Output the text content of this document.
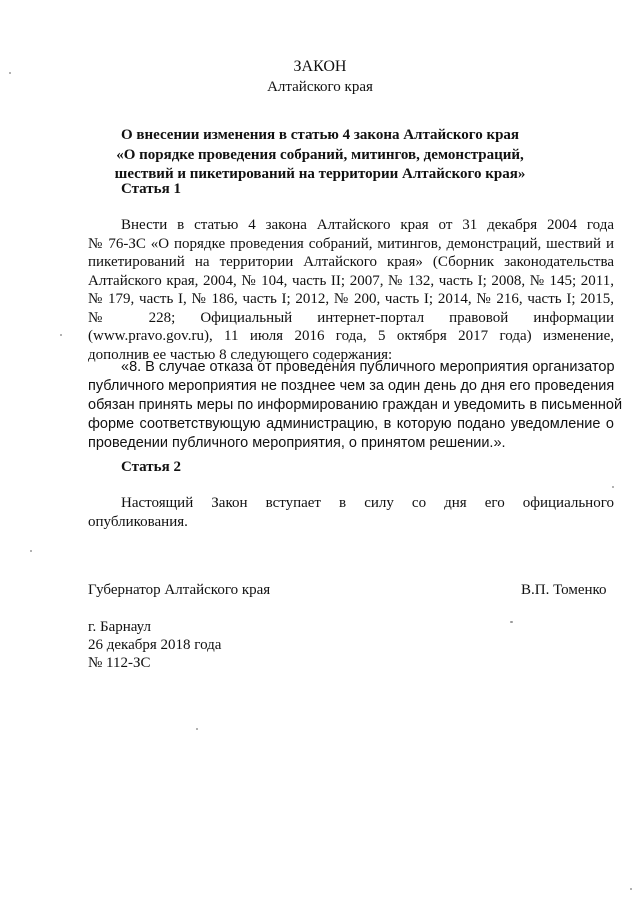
ЗАКОН
Алтайского края
О внесении изменения в статью 4 закона Алтайского края
«О порядке проведения собраний, митингов, демонстраций,
шествий и пикетирований на территории Алтайского края»
Статья 1
Внести в статью 4 закона Алтайского края от 31 декабря 2004 года
№ 76-ЗС «О порядке проведения собраний, митингов, демонстраций, шествий и
пикетирований на территории Алтайского края» (Сборник законодательства
Алтайского края, 2004, № 104, часть II; 2007, № 132, часть I; 2008, № 145; 2011,
№ 179, часть I, № 186, часть I; 2012, № 200, часть I; 2014, № 216, часть I; 2015,
№ 228; Официальный интернет-портал правовой информации
(www.pravo.gov.ru), 11 июля 2016 года, 5 октября 2017 года) изменение,
дополнив ее частью 8 следующего содержания:
«8. В случае отказа от проведения публичного мероприятия организатор
публичного мероприятия не позднее чем за один день до дня его проведения
обязан принять меры по информированию граждан и уведомить в письменной
форме соответствующую администрацию, в которую подано уведомление о
проведении публичного мероприятия, о принятом решении.».
Статья 2
Настоящий Закон вступает в силу со дня его официального
опубликования.
Губернатор Алтайского края	В.П. Томенко
г. Барнаул
26 декабря 2018 года
№ 112-ЗС
